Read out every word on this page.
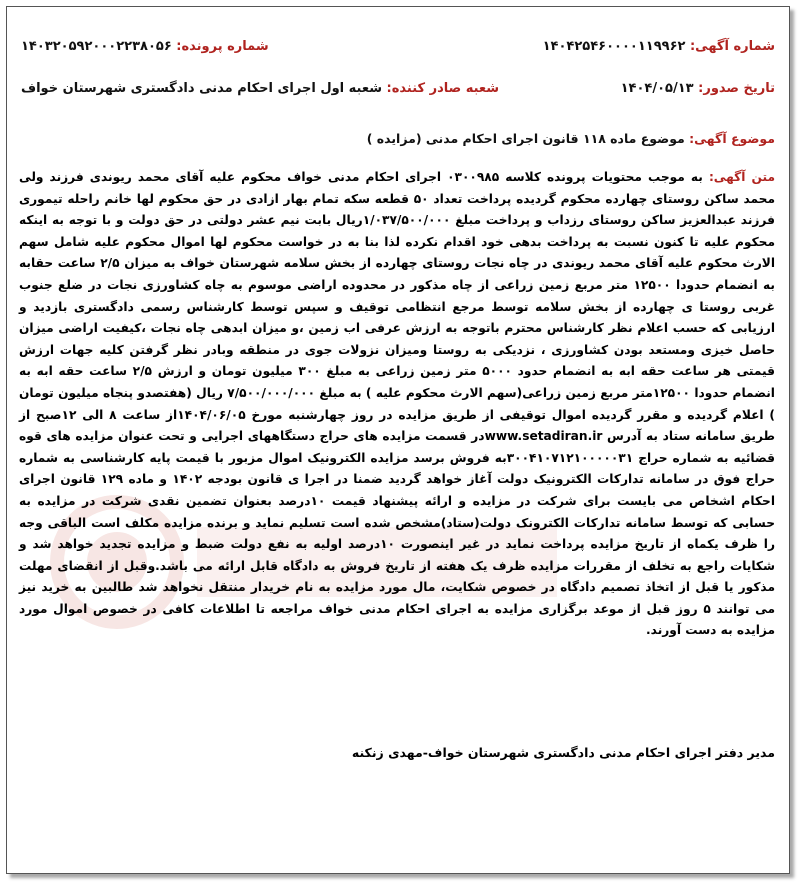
شماره آگهی: ۱۴۰۴۲۵۴۶۰۰۰۰۱۱۹۹۶۲
شماره پرونده: ۱۴۰۳۲۰۵۹۲۰۰۰۲۲۳۸۰۵۶
تاریخ صدور: ۱۴۰۴/۰۵/۱۳
شعبه صادر کننده: شعبه اول اجرای احکام مدنی دادگستری شهرستان خواف
موضوع آگهی: موضوع ماده ۱۱۸ قانون اجرای احکام مدنی (مزایده )
متن آگهی: به موجب محتویات پرونده کلاسه ۰۳۰۰۹۸۵ اجرای احکام مدنی خواف محکوم علیه آقای محمد ریوندی فرزند ولی محمد ساکن روستای چهارده محکوم گردیده پرداخت تعداد ۵۰ قطعه سکه تمام بهار ازادی در حق محکوم لها خانم راحله تیموری فرزند عبدالعزیز ساکن روستای رزداب و پرداخت مبلغ ۱/۰۳۷/۵۰۰/۰۰۰ریال بابت نیم عشر دولتی در حق دولت و با توجه به اینکه محکوم علیه تا کنون نسبت به پرداخت بدهی خود اقدام نکرده لذا بنا به در خواست محکوم لها اموال محکوم علیه شامل سهم الارث محکوم علیه آقای محمد ریوندی در چاه نجات روستای چهارده از بخش سلامه شهرستان خواف به میزان ۲/۵ ساعت حقابه به انضمام حدودا ۱۲۵۰۰ متر مربع زمین زراعی از چاه مذکور در محدوده اراضی موسوم به چاه کشاورزی نجات در ضلع جنوب غربی روستا ی چهارده از بخش سلامه توسط مرجع انتظامی توقیف و سپس توسط کارشناس رسمی دادگستری بازدید و ارزیابی که حسب اعلام نظر کارشناس محترم باتوجه به ارزش عرفی اب زمین ،و میزان ابدهی چاه نجات ،کیفیت اراضی میزان حاصل خیزی ومستعد بودن کشاورزی ، نزدیکی به روستا ومیزان نزولات جوی در منطقه وبادر نظر گرفتن کلیه جهات ارزش قیمتی هر ساعت حقه ابه به انضمام حدود ۵۰۰۰ متر زمین زراعی به مبلغ ۳۰۰ میلیون تومان و ارزش ۲/۵ ساعت حقه ابه به انضمام حدودا ۱۲۵۰۰متر مربع زمین زراعی(سهم الارث محکوم علیه ) به مبلغ ۷/۵۰۰/۰۰۰/۰۰۰ ریال (هفتصدو پنجاه میلیون تومان ) اعلام گردیده و مقرر گردیده اموال توقیفی از طریق مزایده در روز چهارشنبه مورخ ۱۴۰۴/۰۶/۰۵از ساعت ۸ الی ۱۲صبح از طریق سامانه ستاد به آدرس www.setadiran.irدر قسمت مزایده های حراج دستگاههای اجرایی و تحت عنوان مزایده های قوه قضائیه به شماره حراج ۳۰۰۴۱۰۷۱۲۱۰۰۰۰۰۳۱به فروش برسد مزایده الکترونیک اموال مزبور با قیمت پایه کارشناسی به شماره حراج فوق در سامانه تدارکات الکترونیک دولت آغاز خواهد گردید ضمنا در اجرا ی قانون بودجه ۱۴۰۲ و ماده ۱۲۹ قانون اجرای احکام اشخاص می بایست برای شرکت در مزایده و ارائه پیشنهاد قیمت ۱۰درصد بعنوان تضمین نقدی شرکت در مزایده به حسابی که توسط سامانه تدارکات الکترونک دولت(ستاد)مشخص شده است تسلیم نماید و برنده مزایده مکلف است الباقی وجه را ظرف یکماه از تاریخ مزایده پرداخت نماید در غیر اینصورت ۱۰درصد اولیه به نفع دولت ضبط و مزایده تجدید خواهد شد و شکایات راجع به تخلف از مقررات مزایده ظرف یک هفته از تاریخ فروش به دادگاه قابل ارائه می باشد.وقبل از انقضای مهلت مذکور یا قبل از اتخاذ تصمیم دادگاه در خصوص شکایت، مال مورد مزایده به نام خریدار منتقل نخواهد شد طالبین به خرید نیز می توانند ۵ روز قبل از موعد برگزاری مزایده به اجرای احکام مدنی خواف مراجعه تا اطلاعات کافی در خصوص اموال مورد مزایده به دست آورند.
مدیر دفتر اجرای احکام مدنی دادگستری شهرستان خواف-مهدی زنکنه
